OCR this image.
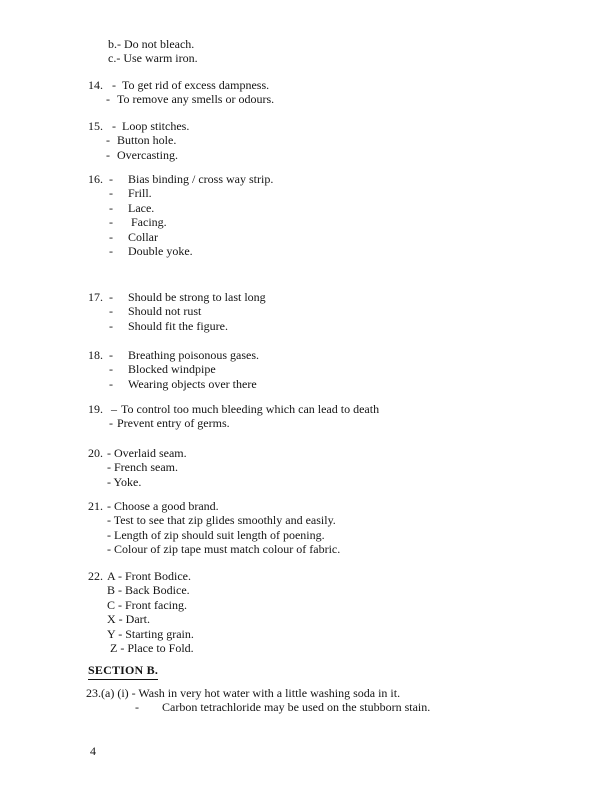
b.- Do not bleach.
c.- Use warm iron.
14. - To get rid of excess dampness.
- To remove any smells or odours.
15. - Loop stitches.
- Button hole.
- Overcasting.
16. - Bias binding / cross way strip.
- Frill.
- Lace.
- Facing.
- Collar
- Double yoke.
17. - Should be strong to last long
- Should not rust
- Should fit the figure.
18. - Breathing poisonous gases.
- Blocked windpipe
- Wearing objects over there
19. – To control too much bleeding which can lead to death
- Prevent entry of germs.
20. - Overlaid seam.
- French seam.
- Yoke.
21. - Choose a good brand.
- Test to see that zip glides smoothly and easily.
- Length of zip should suit length of poening.
- Colour of zip tape must match colour of fabric.
22. A - Front Bodice.
B - Back Bodice.
C - Front facing.
X - Dart.
Y - Starting grain.
Z - Place to Fold.
SECTION B.
23.(a) (i) - Wash in very hot water with a little washing soda in it.
- Carbon tetrachloride may be used on the stubborn stain.
4
